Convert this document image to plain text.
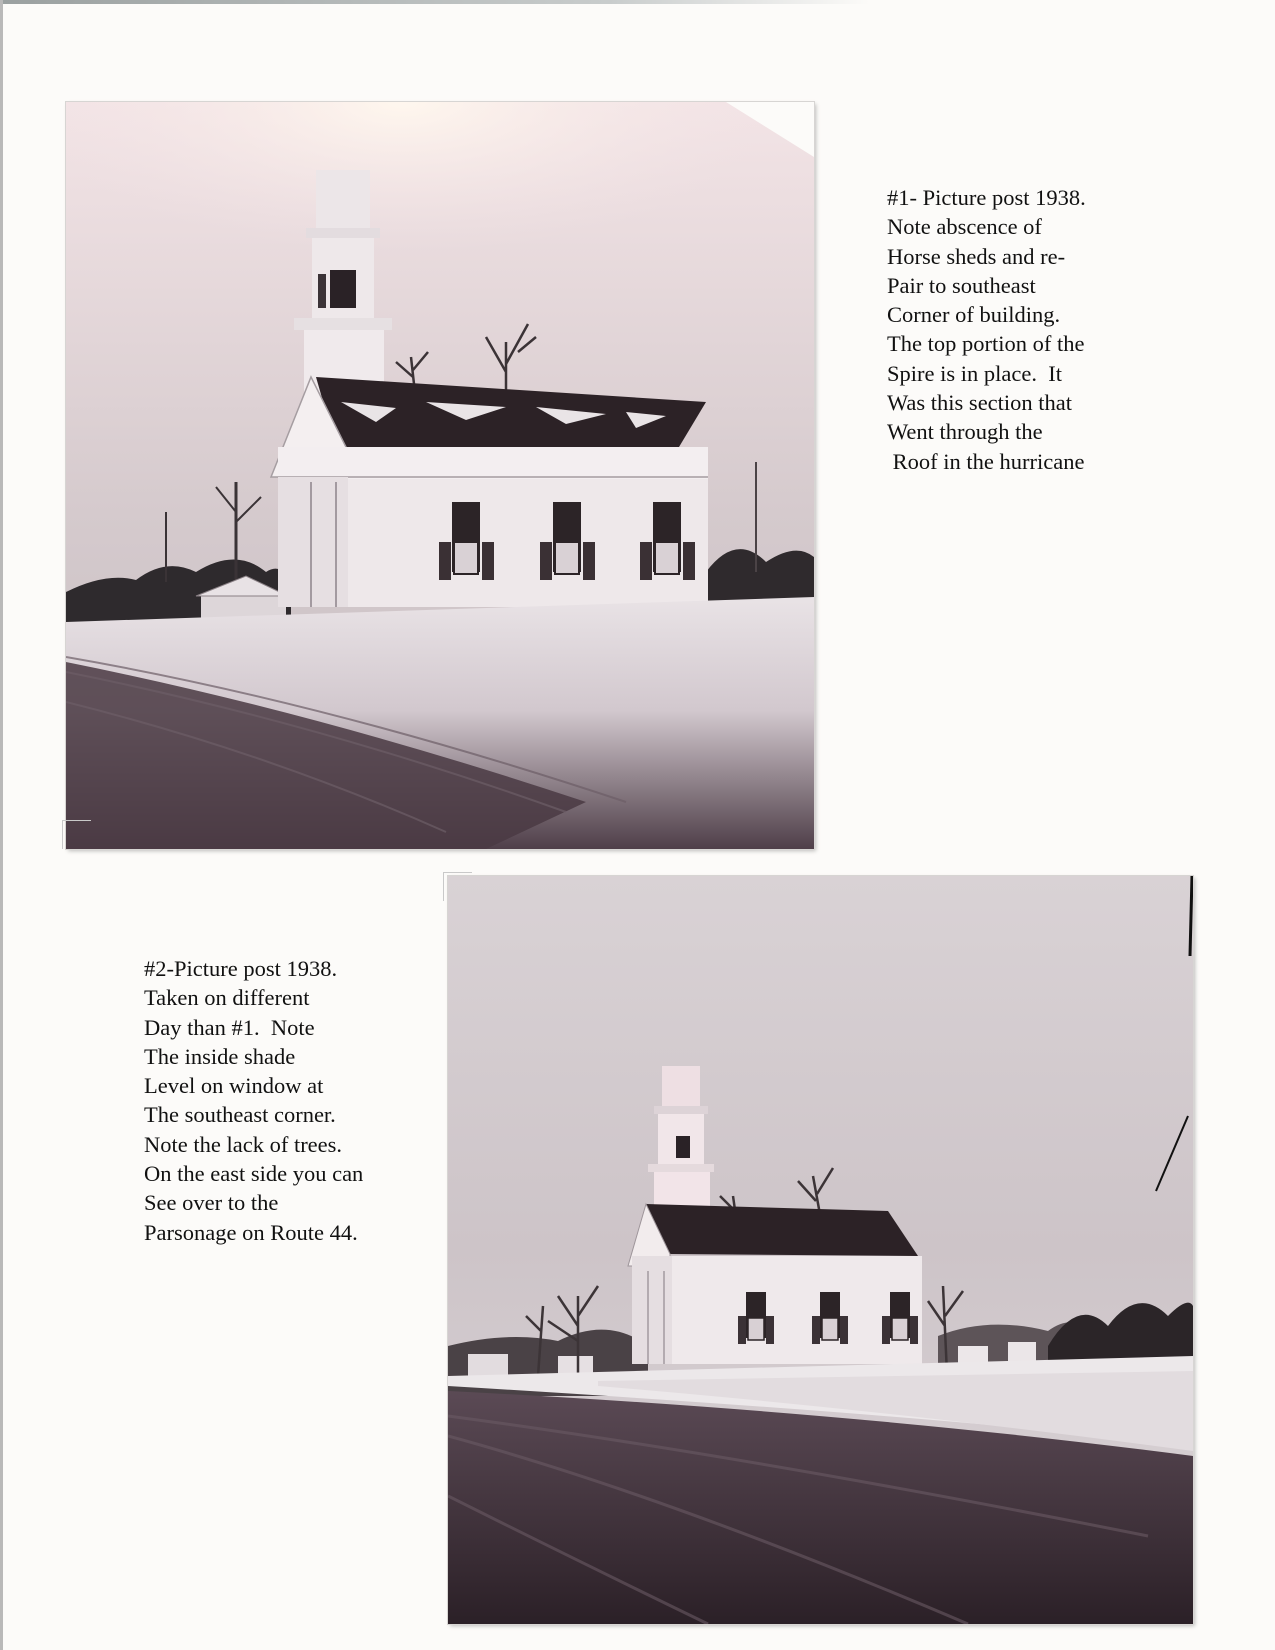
#1- Picture post 1938.
Note abscence of
Horse sheds and re-
Pair to southeast
Corner of building.
The top portion of the
Spire is in place.  It
Was this section that
Went through the
Roof in the hurricane
#2-Picture post 1938.
Taken on different
Day than #1.  Note
The inside shade
Level on window at
The southeast corner.
Note the lack of trees.
On the east side you can
See over to the
Parsonage on Route 44.
